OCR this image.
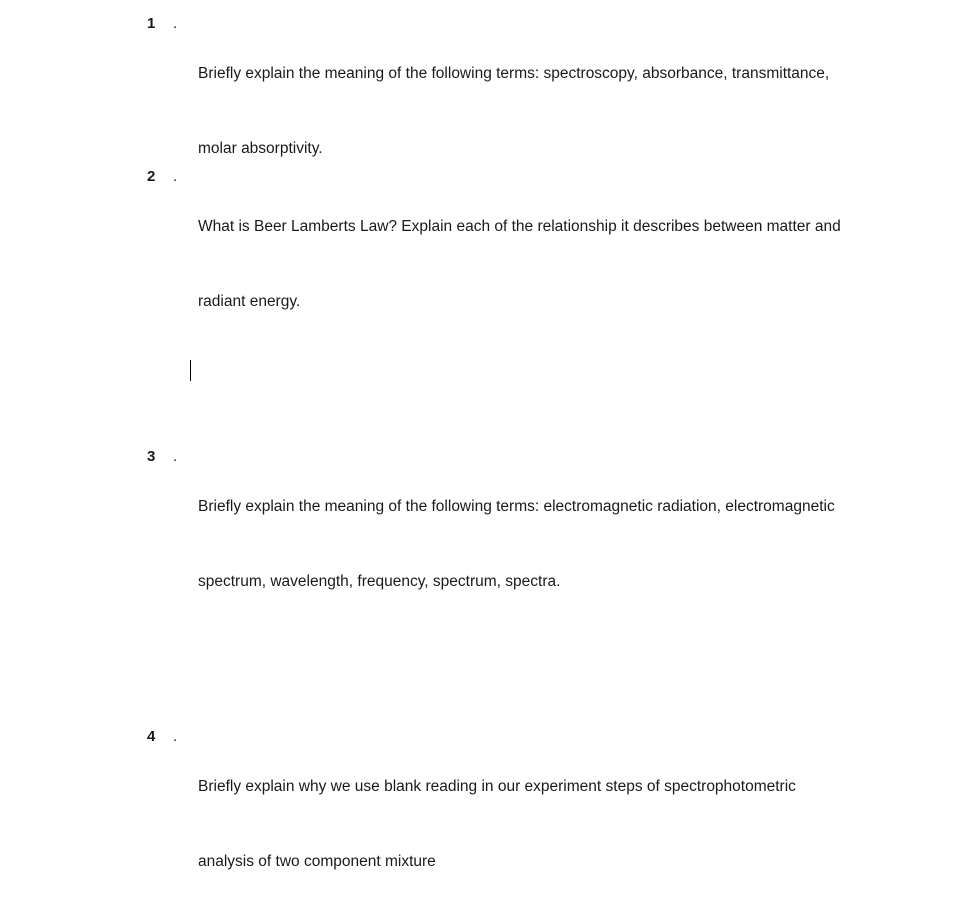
1 .

Briefly explain the meaning of the following terms: spectroscopy, absorbance, transmittance,

molar absorptivity.

2 .

What is Beer Lamberts Law? Explain each of the relationship it describes between matter and

radiant energy.

3 .

Briefly explain the meaning of the following terms: electromagnetic radiation, electromagnetic

spectrum, wavelength, frequency, spectrum, spectra.

4 .

Briefly explain why we use blank reading in our experiment steps of spectrophotometric

analysis of two component mixture
